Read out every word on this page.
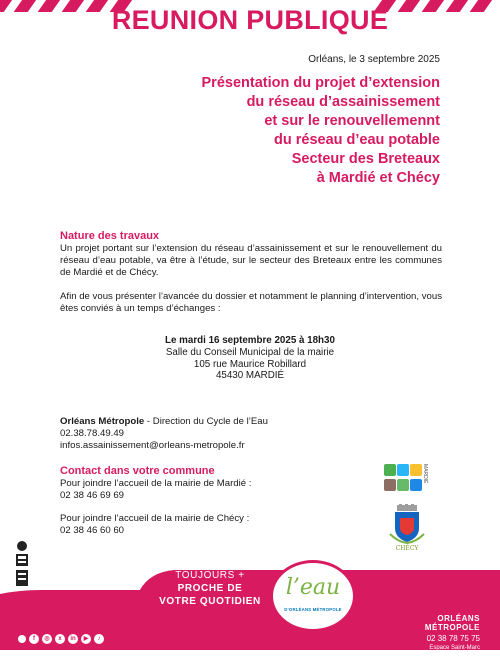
REUNION PUBLIQUE
Orléans, le 3 septembre 2025
Présentation du projet d’extension
du réseau d’assainissement
et sur le renouvellemennt
du réseau d’eau potable
Secteur des Breteaux
à Mardié et Chécy
Nature des travaux
Un projet portant sur l’extension du réseau d’assainissement et sur le renouvellement du réseau d’eau potable, va être à l’étude, sur le secteur des Breteaux entre les communes de Mardié et de Chécy.
Afin de vous présenter l’avancée du dossier et notamment le planning d’intervention, vous êtes conviés à un temps d’échanges :
Le mardi 16 septembre 2025 à 18h30
Salle du Conseil Municipal de la mairie
105 rue Maurice Robillard
45430 MARDIÉ
Orléans Métropole - Direction du Cycle de l’Eau
02.38.78.49.49
infos.assainissement@orleans-metropole.fr
Contact dans votre commune
Pour joindre l’accueil de la mairie de Mardié :
02 38 46 69 69
Pour joindre l’accueil de la mairie de Chécy :
02 38 46 60 60
MARDIÉ
CHÉCY
TOUJOURS +
PROCHE DE
VOTRE QUOTIDIEN
l’eau
D’ORLÉANS MÉTROPOLE
ORLÉANS MÉTROPOLE
02 38 78 75 75
Espace Saint-Marc
Place du 6 Juin 1944
f	◎	x	in	▶	♪
